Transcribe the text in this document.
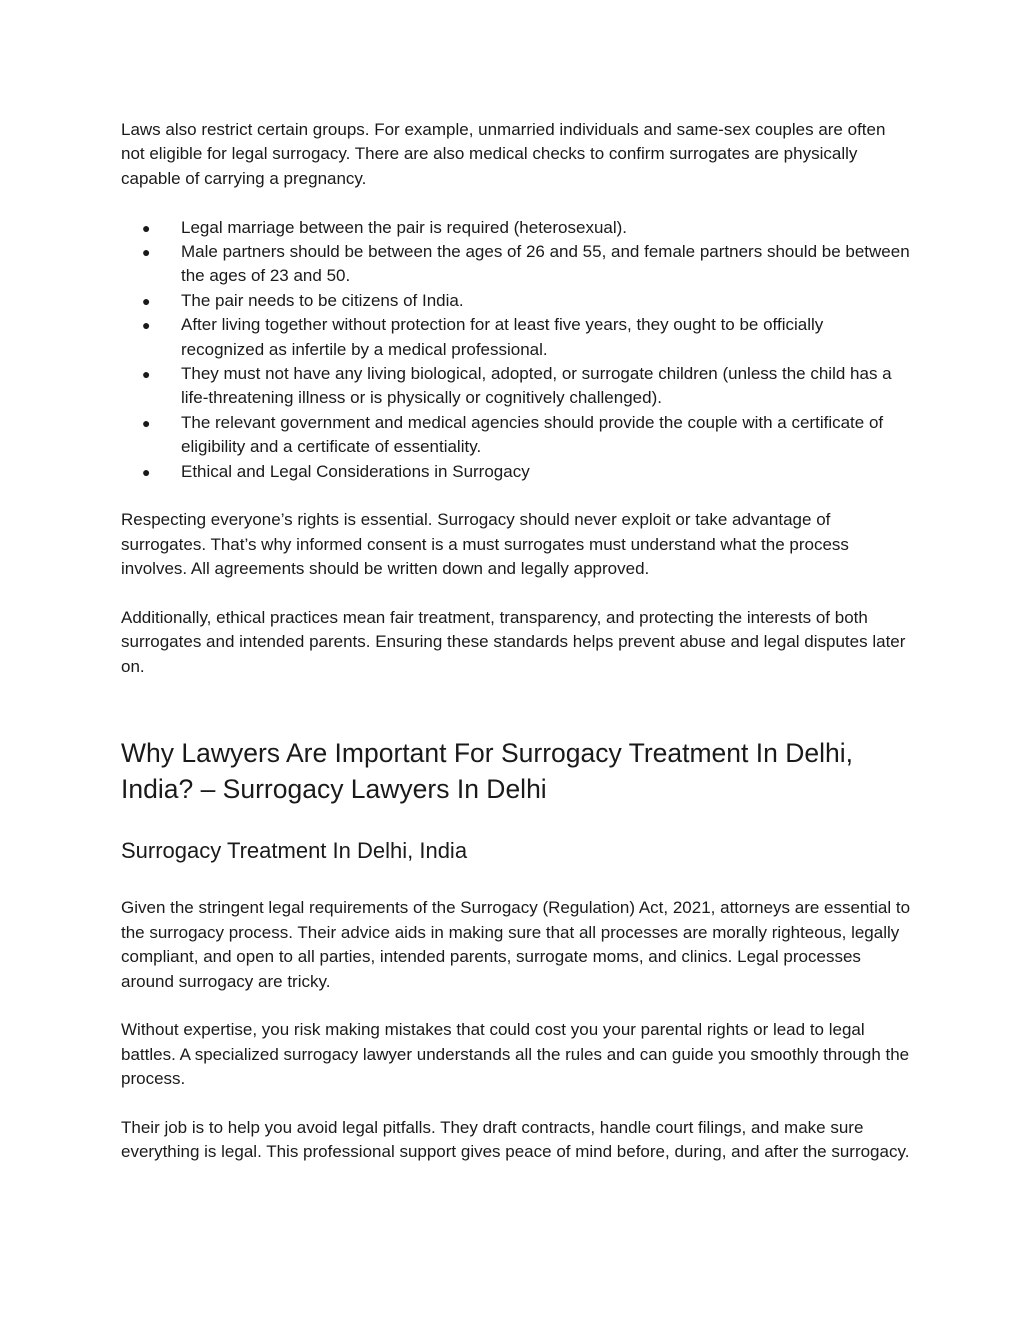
Laws also restrict certain groups. For example, unmarried individuals and same-sex couples are often not eligible for legal surrogacy. There are also medical checks to confirm surrogates are physically capable of carrying a pregnancy.

● Legal marriage between the pair is required (heterosexual).
● Male partners should be between the ages of 26 and 55, and female partners should be between the ages of 23 and 50.
● The pair needs to be citizens of India.
● After living together without protection for at least five years, they ought to be officially recognized as infertile by a medical professional.
● They must not have any living biological, adopted, or surrogate children (unless the child has a life-threatening illness or is physically or cognitively challenged).
● The relevant government and medical agencies should provide the couple with a certificate of eligibility and a certificate of essentiality.
● Ethical and Legal Considerations in Surrogacy

Respecting everyone’s rights is essential. Surrogacy should never exploit or take advantage of surrogates. That’s why informed consent is a must surrogates must understand what the process involves. All agreements should be written down and legally approved.

Additionally, ethical practices mean fair treatment, transparency, and protecting the interests of both surrogates and intended parents. Ensuring these standards helps prevent abuse and legal disputes later on.

Why Lawyers Are Important For Surrogacy Treatment In Delhi, India? – Surrogacy Lawyers In Delhi
Surrogacy Treatment In Delhi, India

Given the stringent legal requirements of the Surrogacy (Regulation) Act, 2021, attorneys are essential to the surrogacy process. Their advice aids in making sure that all processes are morally righteous, legally compliant, and open to all parties, intended parents, surrogate moms, and clinics. Legal processes around surrogacy are tricky.

Without expertise, you risk making mistakes that could cost you your parental rights or lead to legal battles. A specialized surrogacy lawyer understands all the rules and can guide you smoothly through the process.

Their job is to help you avoid legal pitfalls. They draft contracts, handle court filings, and make sure everything is legal. This professional support gives peace of mind before, during, and after the surrogacy.
